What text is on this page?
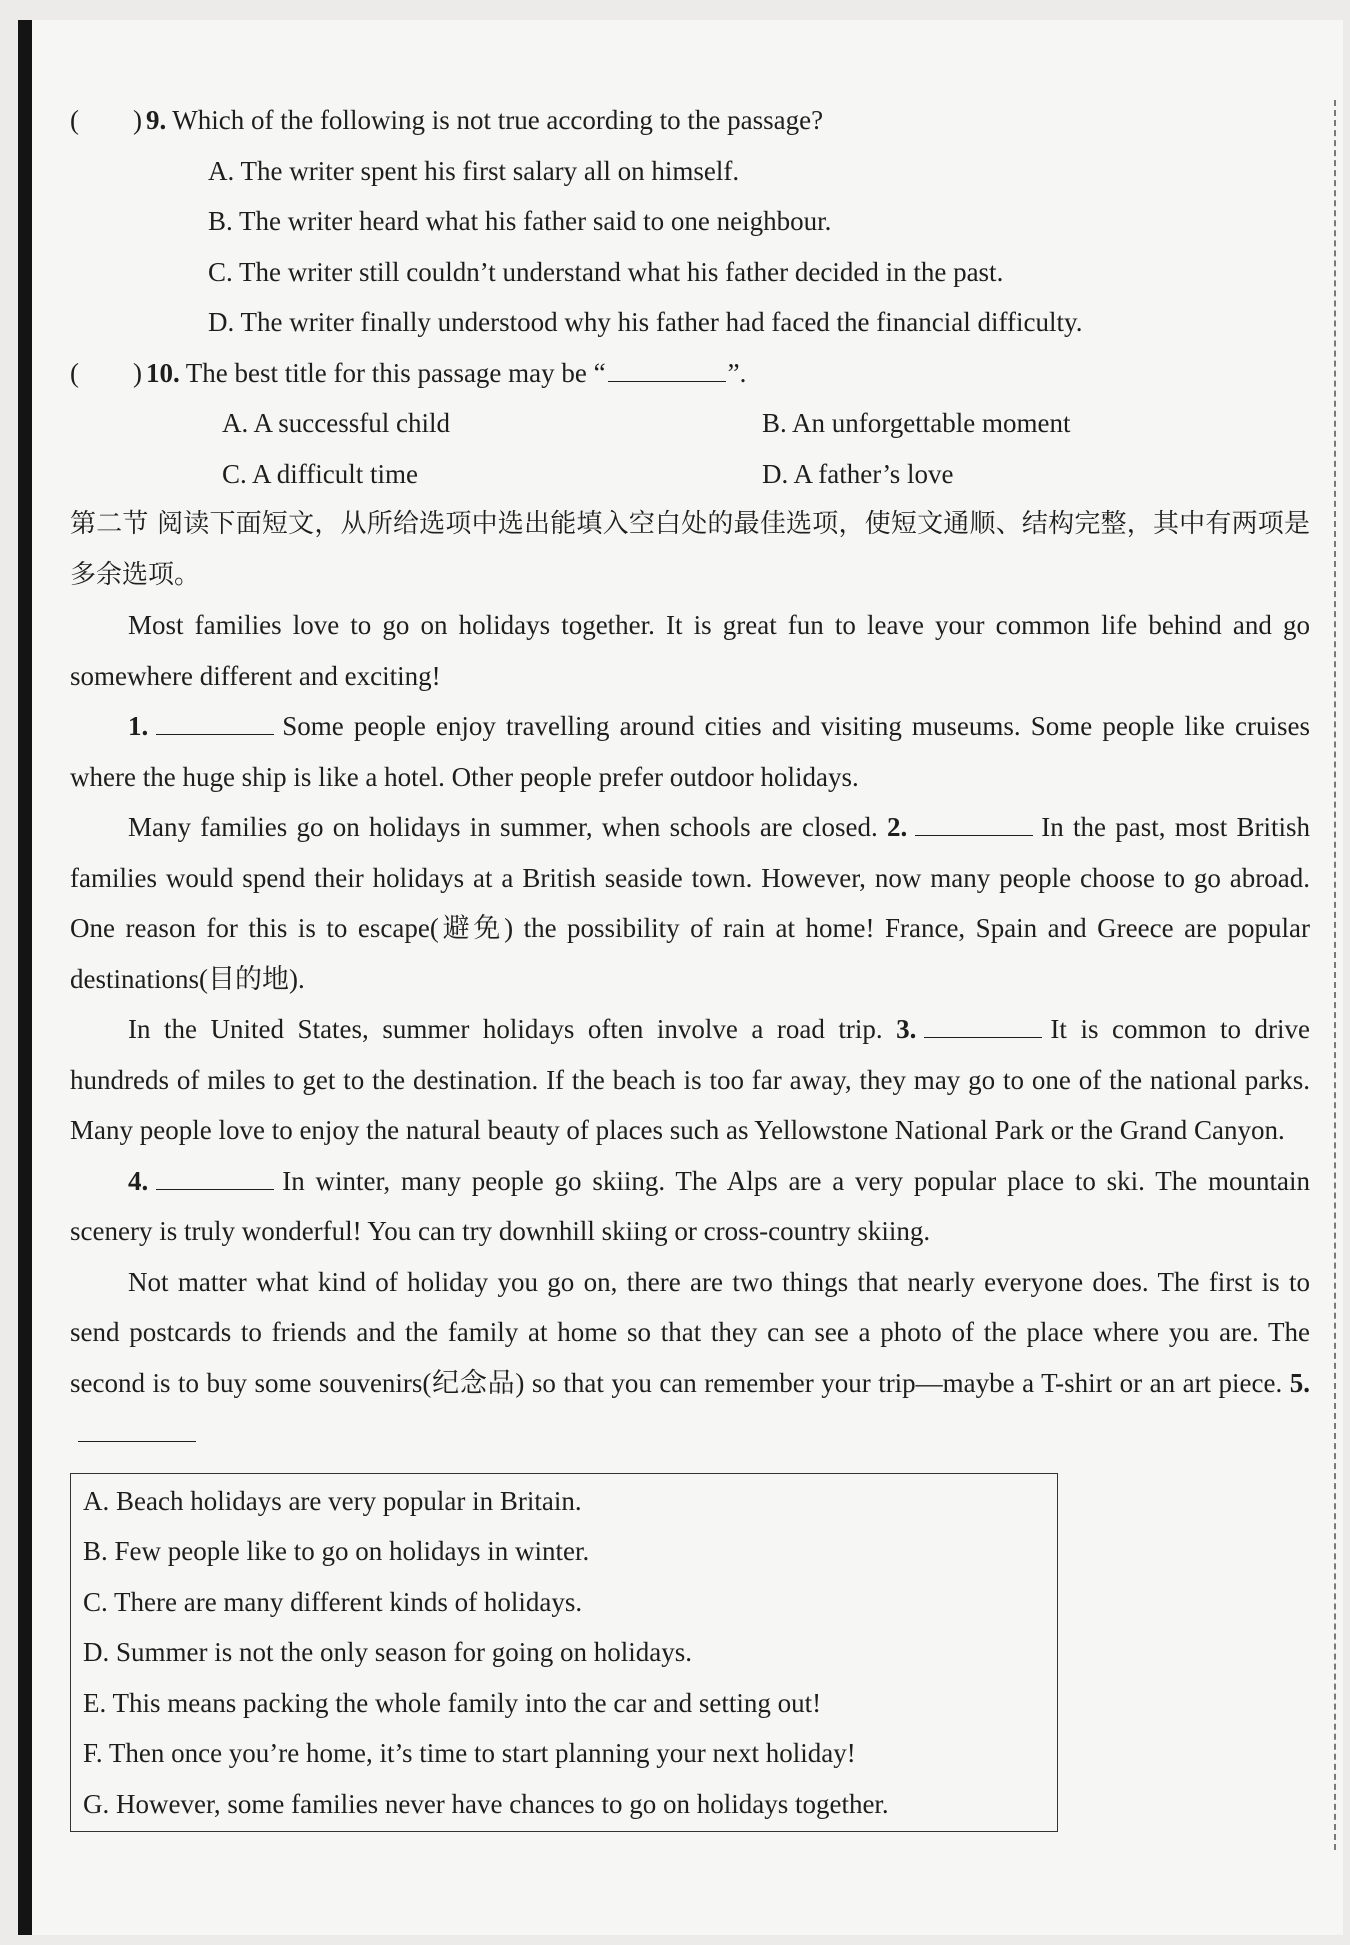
(　　) 9. Which of the following is not true according to the passage?
A. The writer spent his first salary all on himself.
B. The writer heard what his father said to one neighbour.
C. The writer still couldn’t understand what his father decided in the past.
D. The writer finally understood why his father had faced the financial difficulty.
(　　) 10. The best title for this passage may be “	”.
A. A successful child	B. An unforgettable moment
C. A difficult time	D. A father’s love

第二节 阅读下面短文，从所给选项中选出能填入空白处的最佳选项，使短文通顺、结构完整，其中有两项是多余选项。

Most families love to go on holidays together. It is great fun to leave your common life behind and go somewhere different and exciting!

1.	Some people enjoy travelling around cities and visiting museums. Some people like cruises where the huge ship is like a hotel. Other people prefer outdoor holidays.

Many families go on holidays in summer, when schools are closed. 2.	In the past, most British families would spend their holidays at a British seaside town. However, now many people choose to go abroad. One reason for this is to escape(避免) the possibility of rain at home! France, Spain and Greece are popular destinations(目的地).

In the United States, summer holidays often involve a road trip. 3.	It is common to drive hundreds of miles to get to the destination. If the beach is too far away, they may go to one of the national parks. Many people love to enjoy the natural beauty of places such as Yellowstone National Park or the Grand Canyon.

4.	In winter, many people go skiing. The Alps are a very popular place to ski. The mountain scenery is truly wonderful! You can try downhill skiing or cross-country skiing.

Not matter what kind of holiday you go on, there are two things that nearly everyone does. The first is to send postcards to friends and the family at home so that they can see a photo of the place where you are. The second is to buy some souvenirs(纪念品) so that you can remember your trip—maybe a T-shirt or an art piece. 5.

A. Beach holidays are very popular in Britain.
B. Few people like to go on holidays in winter.
C. There are many different kinds of holidays.
D. Summer is not the only season for going on holidays.
E. This means packing the whole family into the car and setting out!
F. Then once you’re home, it’s time to start planning your next holiday!
G. However, some families never have chances to go on holidays together.
